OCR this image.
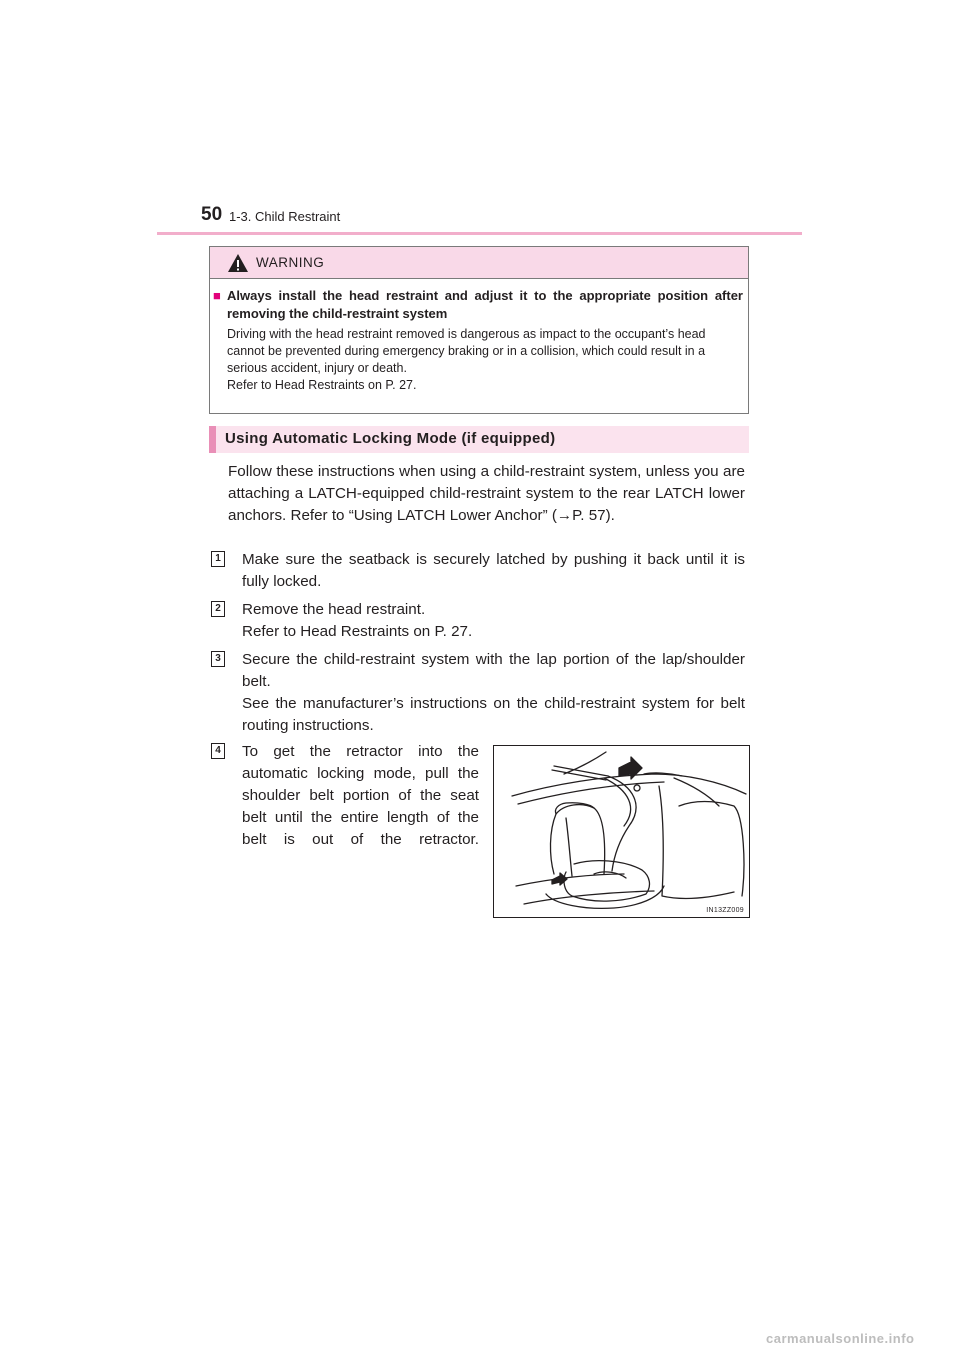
50 1-3. Child Restraint
WARNING
■ Always install the head restraint and adjust it to the appropriate position after removing the child-restraint system
Driving with the head restraint removed is dangerous as impact to the occupant’s head cannot be prevented during emergency braking or in a collision, which could result in a serious accident, injury or death.
Refer to Head Restraints on P. 27.
Using Automatic Locking Mode (if equipped)
Follow these instructions when using a child-restraint system, unless you are attaching a LATCH-equipped child-restraint system to the rear LATCH lower anchors. Refer to “Using LATCH Lower Anchor” (→P. 57).
1 Make sure the seatback is securely latched by pushing it back until it is fully locked.
2 Remove the head restraint.
Refer to Head Restraints on P. 27.
3 Secure the child-restraint system with the lap portion of the lap/shoulder belt.
See the manufacturer’s instructions on the child-restraint system for belt routing instructions.
4 To get the retractor into the automatic locking mode, pull the shoulder belt portion of the seat belt until the entire length of the belt is out of the retractor.
IN13ZZ009
carmanualsonline.info
